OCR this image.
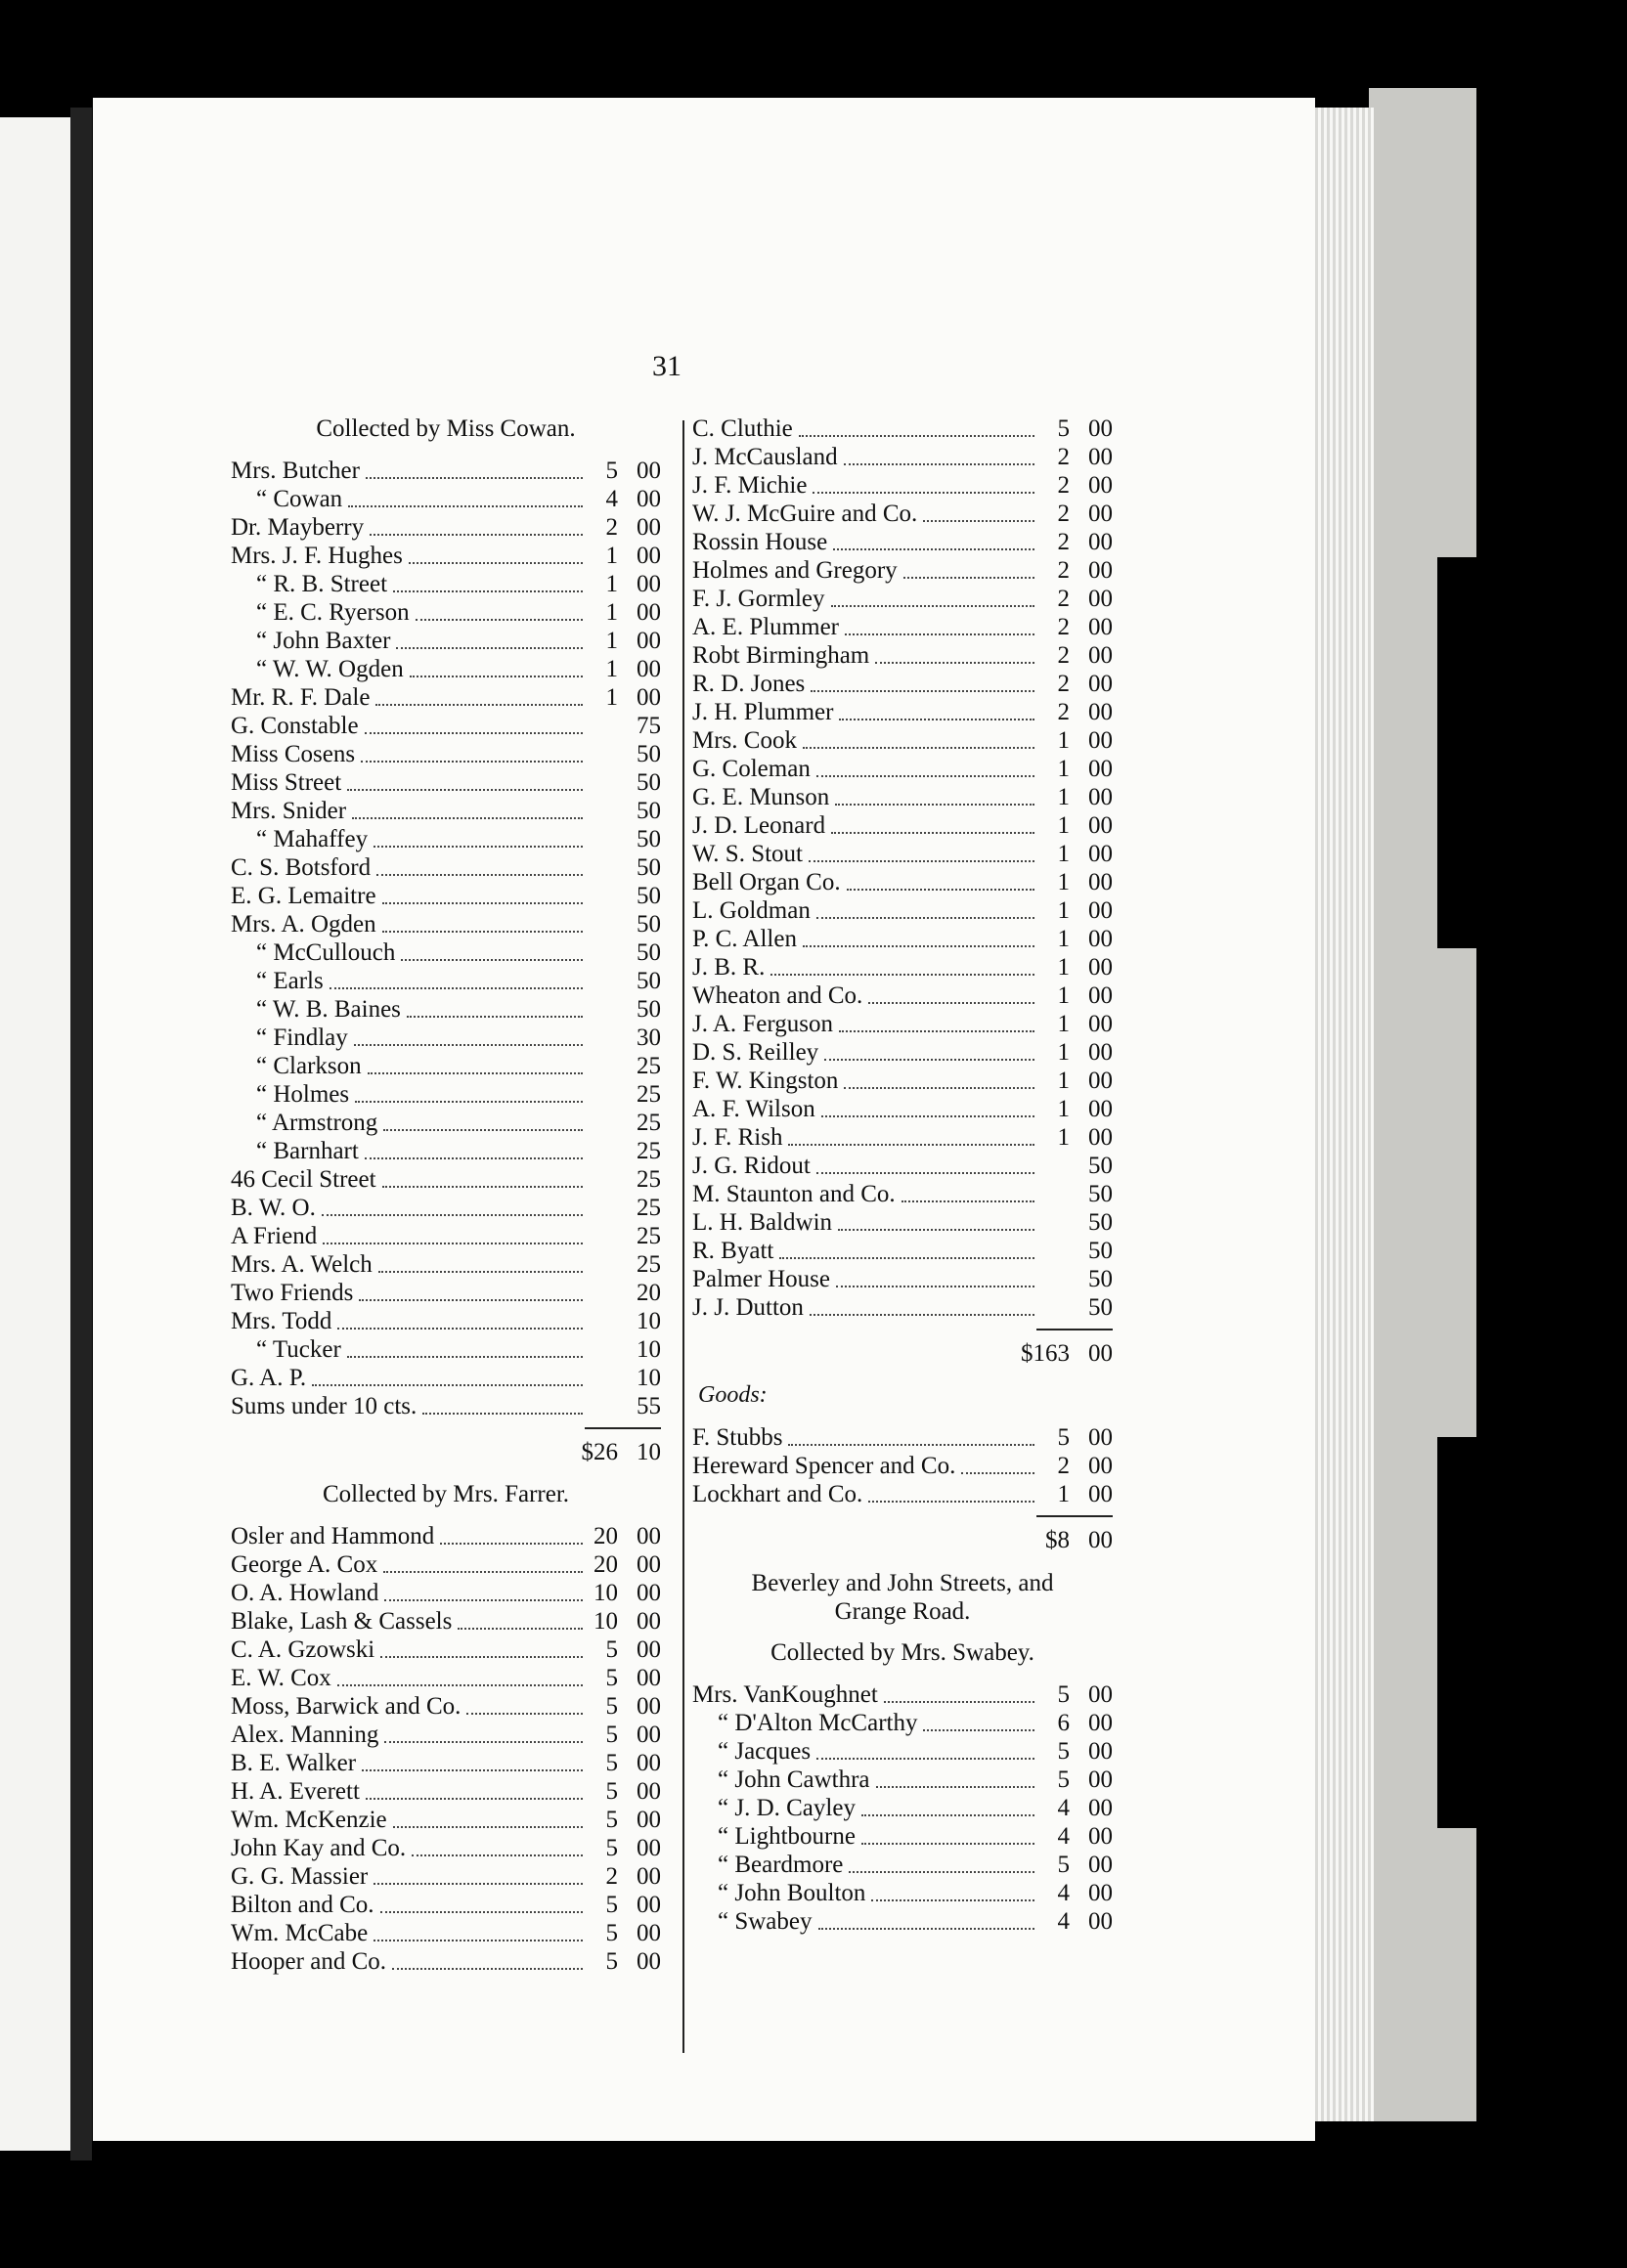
31
Collected by Miss Cowan.
Mrs. Butcher	5 00
“ Cowan	4 00
Dr. Mayberry	2 00
Mrs. J. F. Hughes	1 00
“ R. B. Street	1 00
“ E. C. Ryerson	1 00
“ John Baxter	1 00
“ W. W. Ogden	1 00
Mr. R. F. Dale	1 00
G. Constable	75
Miss Cosens	50
Miss Street	50
Mrs. Snider	50
“ Mahaffey	50
C. S. Botsford	50
E. G. Lemaitre	50
Mrs. A. Ogden	50
“ McCullouch	50
“ Earls	50
“ W. B. Baines	50
“ Findlay	30
“ Clarkson	25
“ Holmes	25
“ Armstrong	25
“ Barnhart	25
46 Cecil Street	25
B. W. O.	25
A Friend	25
Mrs. A. Welch	25
Two Friends	20
Mrs. Todd	10
“ Tucker	10
G. A. P.	10
Sums under 10 cts.	55
$26 10
Collected by Mrs. Farrer.
Osler and Hammond	20 00
George A. Cox	20 00
O. A. Howland	10 00
Blake, Lash & Cassels	10 00
C. A. Gzowski	5 00
E. W. Cox	5 00
Moss, Barwick and Co.	5 00
Alex. Manning	5 00
B. E. Walker	5 00
H. A. Everett	5 00
Wm. McKenzie	5 00
John Kay and Co.	5 00
G. G. Massier	2 00
Bilton and Co.	5 00
Wm. McCabe	5 00
Hooper and Co.	5 00
C. Cluthie	5 00
J. McCausland	2 00
J. F. Michie	2 00
W. J. McGuire and Co.	2 00
Rossin House	2 00
Holmes and Gregory	2 00
F. J. Gormley	2 00
A. E. Plummer	2 00
Robt Birmingham	2 00
R. D. Jones	2 00
J. H. Plummer	2 00
Mrs. Cook	1 00
G. Coleman	1 00
G. E. Munson	1 00
J. D. Leonard	1 00
W. S. Stout	1 00
Bell Organ Co.	1 00
L. Goldman	1 00
P. C. Allen	1 00
J. B. R.	1 00
Wheaton and Co.	1 00
J. A. Ferguson	1 00
D. S. Reilley	1 00
F. W. Kingston	1 00
A. F. Wilson	1 00
J. F. Rish	1 00
J. G. Ridout	50
M. Staunton and Co.	50
L. H. Baldwin	50
R. Byatt	50
Palmer House	50
J. J. Dutton	50
$163 00
Goods:
F. Stubbs	5 00
Hereward Spencer and Co.	2 00
Lockhart and Co.	1 00
$8 00
Beverley and John Streets, and
Grange Road.
Collected by Mrs. Swabey.
Mrs. VanKoughnet	5 00
“ D'Alton McCarthy	6 00
“ Jacques	5 00
“ John Cawthra	5 00
“ J. D. Cayley	4 00
“ Lightbourne	4 00
“ Beardmore	5 00
“ John Boulton	4 00
“ Swabey	4 00
